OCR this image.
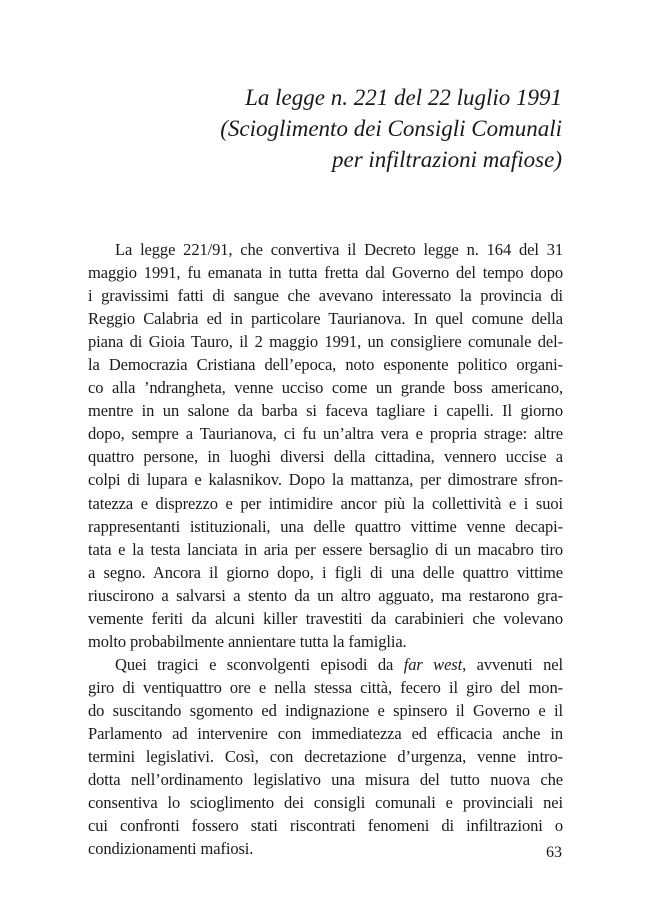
La legge n. 221 del 22 luglio 1991
(Scioglimento dei Consigli Comunali
per infiltrazioni mafiose)
La legge 221/91, che convertiva il Decreto legge n. 164 del 31
maggio 1991, fu emanata in tutta fretta dal Governo del tempo dopo
i gravissimi fatti di sangue che avevano interessato la provincia di
Reggio Calabria ed in particolare Taurianova. In quel comune della
piana di Gioia Tauro, il 2 maggio 1991, un consigliere comunale del-
la Democrazia Cristiana dell’epoca, noto esponente politico organi-
co alla ’ndrangheta, venne ucciso come un grande boss americano,
mentre in un salone da barba si faceva tagliare i capelli. Il giorno
dopo, sempre a Taurianova, ci fu un’altra vera e propria strage: altre
quattro persone, in luoghi diversi della cittadina, vennero uccise a
colpi di lupara e kalasnikov. Dopo la mattanza, per dimostrare sfron-
tatezza e disprezzo e per intimidire ancor più la collettività e i suoi
rappresentanti istituzionali, una delle quattro vittime venne decapi-
tata e la testa lanciata in aria per essere bersaglio di un macabro tiro
a segno. Ancora il giorno dopo, i figli di una delle quattro vittime
riuscirono a salvarsi a stento da un altro agguato, ma restarono gra-
vemente feriti da alcuni killer travestiti da carabinieri che volevano
molto probabilmente annientare tutta la famiglia.
Quei tragici e sconvolgenti episodi da far west, avvenuti nel
giro di ventiquattro ore e nella stessa città, fecero il giro del mon-
do suscitando sgomento ed indignazione e spinsero il Governo e il
Parlamento ad intervenire con immediatezza ed efficacia anche in
termini legislativi. Così, con decretazione d’urgenza, venne intro-
dotta nell’ordinamento legislativo una misura del tutto nuova che
consentiva lo scioglimento dei consigli comunali e provinciali nei
cui confronti fossero stati riscontrati fenomeni di infiltrazioni o
condizionamenti mafiosi.	63
